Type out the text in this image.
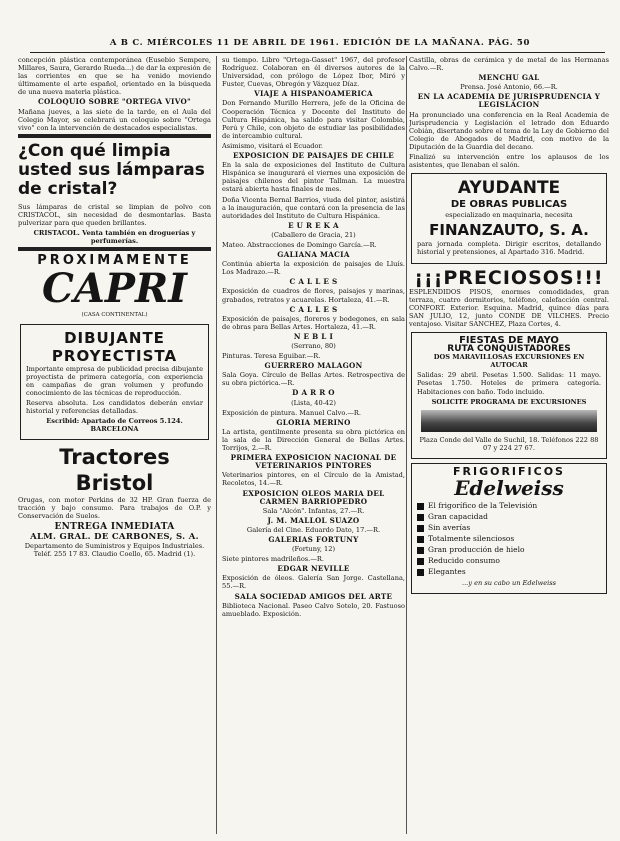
A B C. MIÉRCOLES 11 DE ABRIL DE 1961. EDICIÓN DE LA MAÑANA. PÁG. 50

concepción plástica contemporánea (Eusebio Sempere, Millares, Saura, Gerardo Rueda...) de dar la expresión de las corrientes en que se ha venido moviendo últimamente el arte español, orientado en la búsqueda de una nueva materia plástica.

COLOQUIO SOBRE "ORTEGA VIVO"

Mañana jueves, a las siete de la tarde, en el Aula del Colegio Mayor, se celebrará un coloquio sobre "Ortega vivo" con la intervención de destacados especialistas.

¿Con qué limpia usted sus lámparas de cristal?

Sus lámparas de cristal se limpian de polvo con CRISTACOL, sin necesidad de desmontarlas. Basta pulverizar para que queden brillantes.

CRISTACOL. Venta también en droguerías y perfumerías.

PROXIMAMENTE
CAPRI
(CASA CONTINENTAL)
DIBUJANTE PROYECTISTA

Importante empresa de publicidad precisa dibujante proyectista de primera categoría, con experiencia en campañas de gran volumen y profundo conocimiento de las técnicas de reproducción.

Reserva absoluta. Los candidatos deberán enviar historial y referencias detalladas.

Escribid: Apartado de Correos 5.124. BARCELONA

Tractores Bristol

Orugas, con motor Perkins de 32 HP. Gran fuerza de tracción y bajo consumo. Para trabajos de O.P. y Conservación de Suelos.

ENTREGA INMEDIATA
ALM. GRAL. DE CARBONES, S. A.

Departamento de Suministros y Equipos Industriales. Teléf. 255 17 83. Claudio Coello, 65. Madrid (1).

su tiempo. Libro "Ortega-Gasset" 1967, del profesor Rodríguez. Colaboran en él diversos autores de la Universidad, con prólogo de López Ibor, Miró y Fuster, Cuevas, Obregón y Vázquez Díaz.

VIAJE A HISPANOAMERICA

Don Fernando Murillo Herrera, jefe de la Oficina de Cooperación Técnica y Docente del Instituto de Cultura Hispánica, ha salido para visitar Colombia, Perú y Chile, con objeto de estudiar las posibilidades de intercambio cultural.

Asimismo, visitará el Ecuador.

EXPOSICION DE PAISAJES DE CHILE

En la sala de exposiciones del Instituto de Cultura Hispánica se inaugurará el viernes una exposición de paisajes chilenos del pintor Tallman. La muestra estará abierta hasta finales de mes.

Doña Vicenta Bernal Barrios, viuda del pintor, asistirá a la inauguración, que contará con la presencia de las autoridades del Instituto de Cultura Hispánica.

E U R E K A

(Caballero de Gracia, 21)

Mateo. Abstracciones de Domingo García.—R.

GALIANA MACIA

Continúa abierta la exposición de paisajes de Lluís. Los Madrazo.—R.

C A L L E S

Exposición de cuadros de flores, paisajes y marinas, grabados, retratos y acuarelas. Hortaleza, 41.—R.

C A L L E S

Exposición de paisajes, floreros y bodegones, en sala de obras para Bellas Artes. Hortaleza, 41.—R.

N E B L I

(Serrano, 80)

Pinturas. Teresa Eguibar.—R.

GUERRERO MALAGON

Sala Goya. Círculo de Bellas Artes. Retrospectiva de su obra pictórica.—R.

D A R R O

(Lista, 40-42)

Exposición de pintura. Manuel Calvo.—R.

GLORIA MERINO

La artista, gentilmente presenta su obra pictórica en la sala de la Dirección General de Bellas Artes. Torrijos, 2.—R.

PRIMERA EXPOSICION NACIONAL DE VETERINARIOS PINTORES

Veterinarios pintores, en el Círculo de la Amistad, Recoletos, 14.—R.

EXPOSICION OLEOS MARIA DEL CARMEN BARRIOPEDRO

Sala "Alcón". Infantas, 27.—R.

J. M. MALLOL SUAZO

Galería del Cine. Eduardo Dato, 17.—R.

GALERIAS FORTUNY

(Fortuny, 12)

Siete pintores madrileños.—R.

EDGAR NEVILLE

Exposición de óleos. Galería San Jorge. Castellana, 55.—R.

SALA SOCIEDAD AMIGOS DEL ARTE

Biblioteca Nacional. Paseo Calvo Sotelo, 20. Fastuoso amueblado. Exposición.

Castilla, obras de cerámica y de metal de las Hermanas Calvo.—R.

MENCHU GAL

Prensa. José Antonio, 66.—R.

EN LA ACADEMIA DE JURISPRUDENCIA Y LEGISLACION

Ha pronunciado una conferencia en la Real Academia de Jurisprudencia y Legislación el letrado don Eduardo Cobián, disertando sobre el tema de la Ley de Gobierno del Colegio de Abogados de Madrid, con motivo de la Diputación de la Guardia del decano.

Finalizó su intervención entre los aplausos de los asistentes, que llenaban el salón.

AYUDANTE
DE OBRAS PUBLICAS

especializado en maquinaria, necesita

FINANZAUTO, S. A.

para jornada completa. Dirigir escritos, detallando historial y pretensiones, al Apartado 316. Madrid.

¡¡¡PRECIOSOS!!!

ESPLENDIDOS PISOS, enormes comodidades, gran terraza, cuatro dormitorios, teléfono, calefacción central. CONFORT. Exterior. Esquina. Madrid, quince días para SAN JULIO, 12, junto CONDE DE VILCHES. Precio ventajoso. Visitar SANCHEZ, Plaza Cortes, 4.

FIESTAS DE MAYO
RUTA CONQUISTADORES

DOS MARAVILLOSAS EXCURSIONES EN AUTOCAR

Salidas: 29 abril. Pesetas 1.500. Salidas: 11 mayo. Pesetas 1.750. Hoteles de primera categoría. Habitaciones con baño. Todo incluido.

SOLICITE PROGRAMA DE EXCURSIONES

Plaza Conde del Valle de Suchil, 18. Teléfonos 222 88 07 y 224 27 67.

FRIGORIFICOS
Edelweiss
El frigorífico de la Televisión
Gran capacidad
Sin averías
Totalmente silenciosos
Gran producción de hielo
Reducido consumo
Elegantes

...y en su cabo un Edelweiss
